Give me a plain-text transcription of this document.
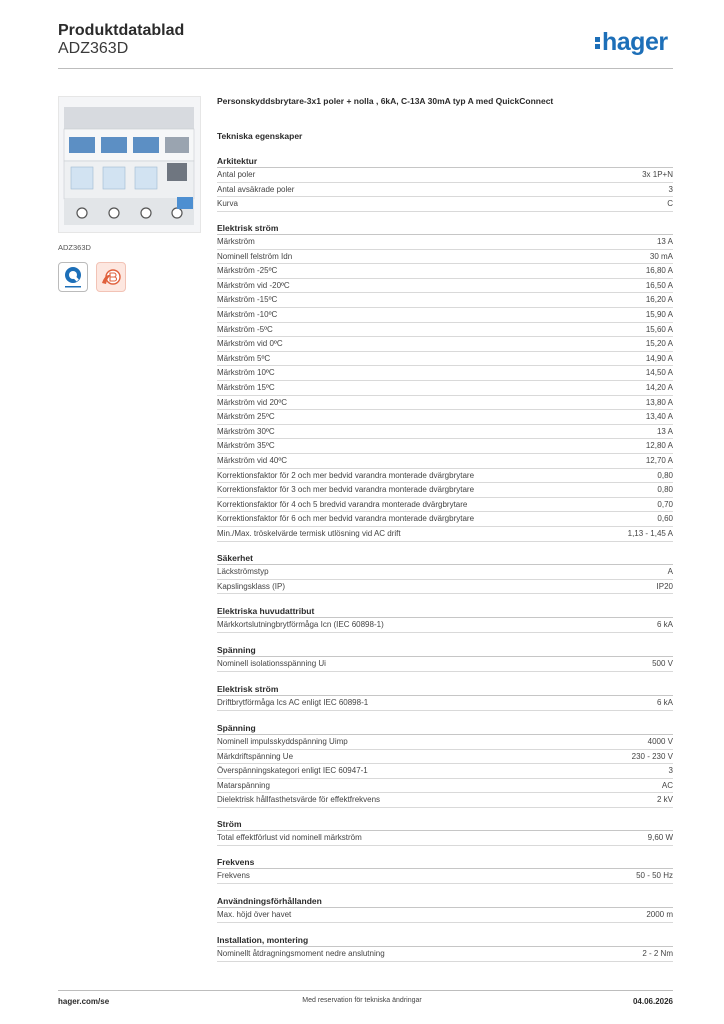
Produktdatablad
ADZ363D	hager
ADZ363D
Personskyddsbrytare-3x1 poler + nolla , 6kA, C-13A 30mA typ A med QuickConnect
Tekniska egenskaper
Arkitektur
Antal poler	3x 1P+N
Antal avsäkrade poler	3
Kurva	C
Elektrisk ström
Märkström	13 A
Nominell felström Idn	30 mA
Märkström -25ºC	16,80 A
Märkström vid -20ºC	16,50 A
Märkström -15ºC	16,20 A
Märkström -10ºC	15,90 A
Märkström -5ºC	15,60 A
Märkström vid 0ºC	15,20 A
Märkström 5ºC	14,90 A
Märkström 10ºC	14,50 A
Märkström 15ºC	14,20 A
Märkström vid 20ºC	13,80 A
Märkström 25ºC	13,40 A
Märkström 30ºC	13 A
Märkström 35ºC	12,80 A
Märkström vid 40ºC	12,70 A
Korrektionsfaktor för 2 och mer bedvid varandra monterade dvärgbrytare	0,80
Korrektionsfaktor för 3 och mer bedvid varandra monterade dvärgbrytare	0,80
Korrektionsfaktor för 4 och 5 bredvid varandra monterade dvärgbrytare	0,70
Korrektionsfaktor för 6 och mer bedvid varandra monterade dvärgbrytare	0,60
Min./Max. tröskelvärde termisk utlösning vid AC drift	1,13 - 1,45 A
Säkerhet
Läckströmstyp	A
Kapslingsklass (IP)	IP20
Elektriska huvudattribut
Märkkortslutningbrytförmåga Icn (IEC 60898-1)	6 kA
Spänning
Nominell isolationsspänning Ui	500 V
Elektrisk ström
Driftbrytförmåga Ics AC enligt IEC 60898-1	6 kA
Spänning
Nominell impulsskyddspänning Uimp	4000 V
Märkdriftspänning Ue	230 - 230 V
Överspänningskategori enligt IEC 60947-1	3
Matarspänning	AC
Dielektrisk hållfasthetsvärde för effektfrekvens	2 kV
Ström
Total effektförlust vid nominell märkström	9,60 W
Frekvens
Frekvens	50 - 50 Hz
Användningsförhållanden
Max. höjd över havet	2000 m
Installation, montering
Nominellt åtdragningsmoment nedre anslutning	2 - 2 Nm
hager.com/se	Med reservation för tekniska ändringar	04.06.2026
